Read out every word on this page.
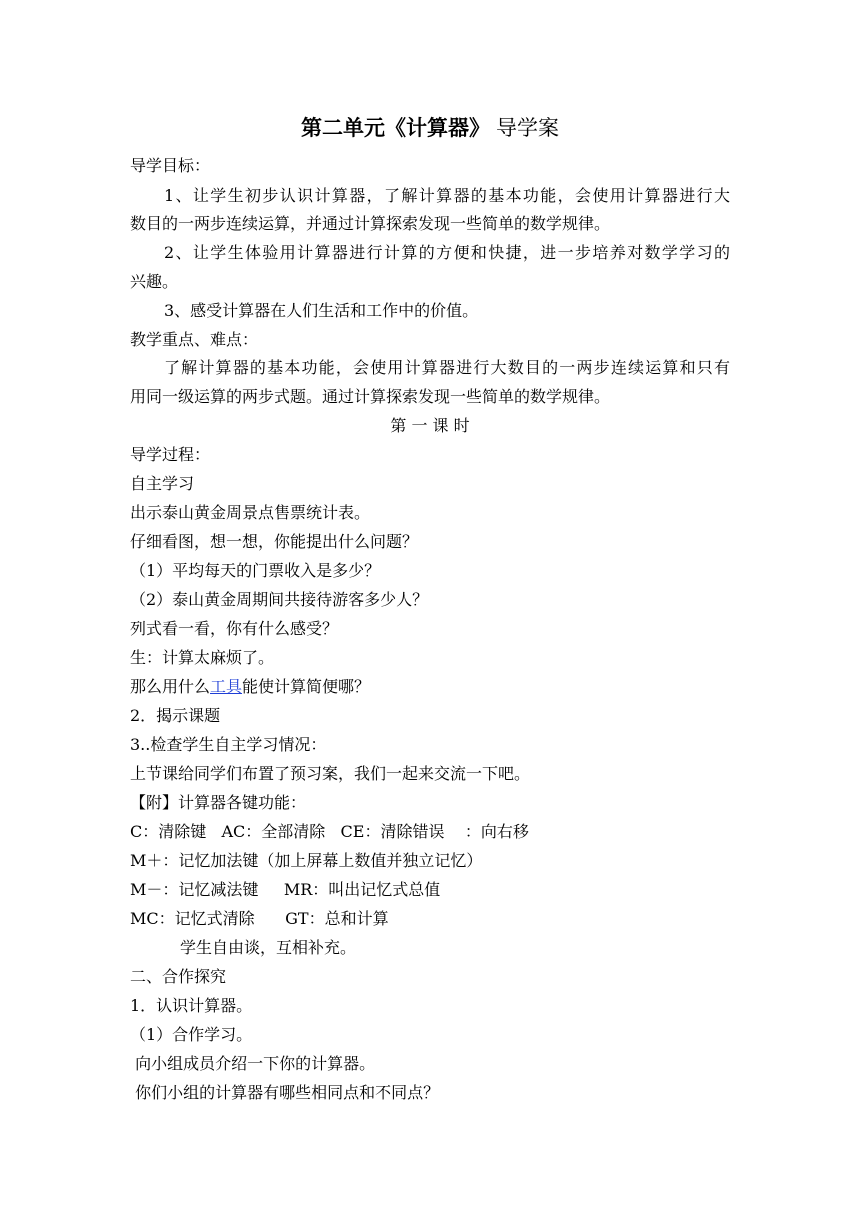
第二单元《计算器》 导学案
导学目标：
1、让学生初步认识计算器，了解计算器的基本功能，会使用计算器进行大
数目的一两步连续运算，并通过计算探索发现一些简单的数学规律。
2、让学生体验用计算器进行计算的方便和快捷，进一步培养对数学学习的
兴趣。
3、感受计算器在人们生活和工作中的价值。
教学重点、难点：
了解计算器的基本功能，会使用计算器进行大数目的一两步连续运算和只有
用同一级运算的两步式题。通过计算探索发现一些简单的数学规律。
第 一 课 时
导学过程：
自主学习
出示泰山黄金周景点售票统计表。
仔细看图，想一想，你能提出什么问题？
（1）平均每天的门票收入是多少？
（2）泰山黄金周期间共接待游客多少人？
列式看一看，你有什么感受？
生：计算太麻烦了。
那么用什么工具能使计算简便哪？
2．揭示课题
3..检查学生自主学习情况：
上节课给同学们布置了预习案，我们一起来交流一下吧。
【附】计算器各键功能：
C：清除键   AC：全部清除   CE：清除错误    ：向右移
M＋：记忆加法键（加上屏幕上数值并独立记忆）
M－：记忆减法键     MR：叫出记忆式总值
MC：记忆式清除      GT：总和计算
学生自由谈，互相补充。
二、合作探究
1．认识计算器。
（1）合作学习。
向小组成员介绍一下你的计算器。
你们小组的计算器有哪些相同点和不同点？
